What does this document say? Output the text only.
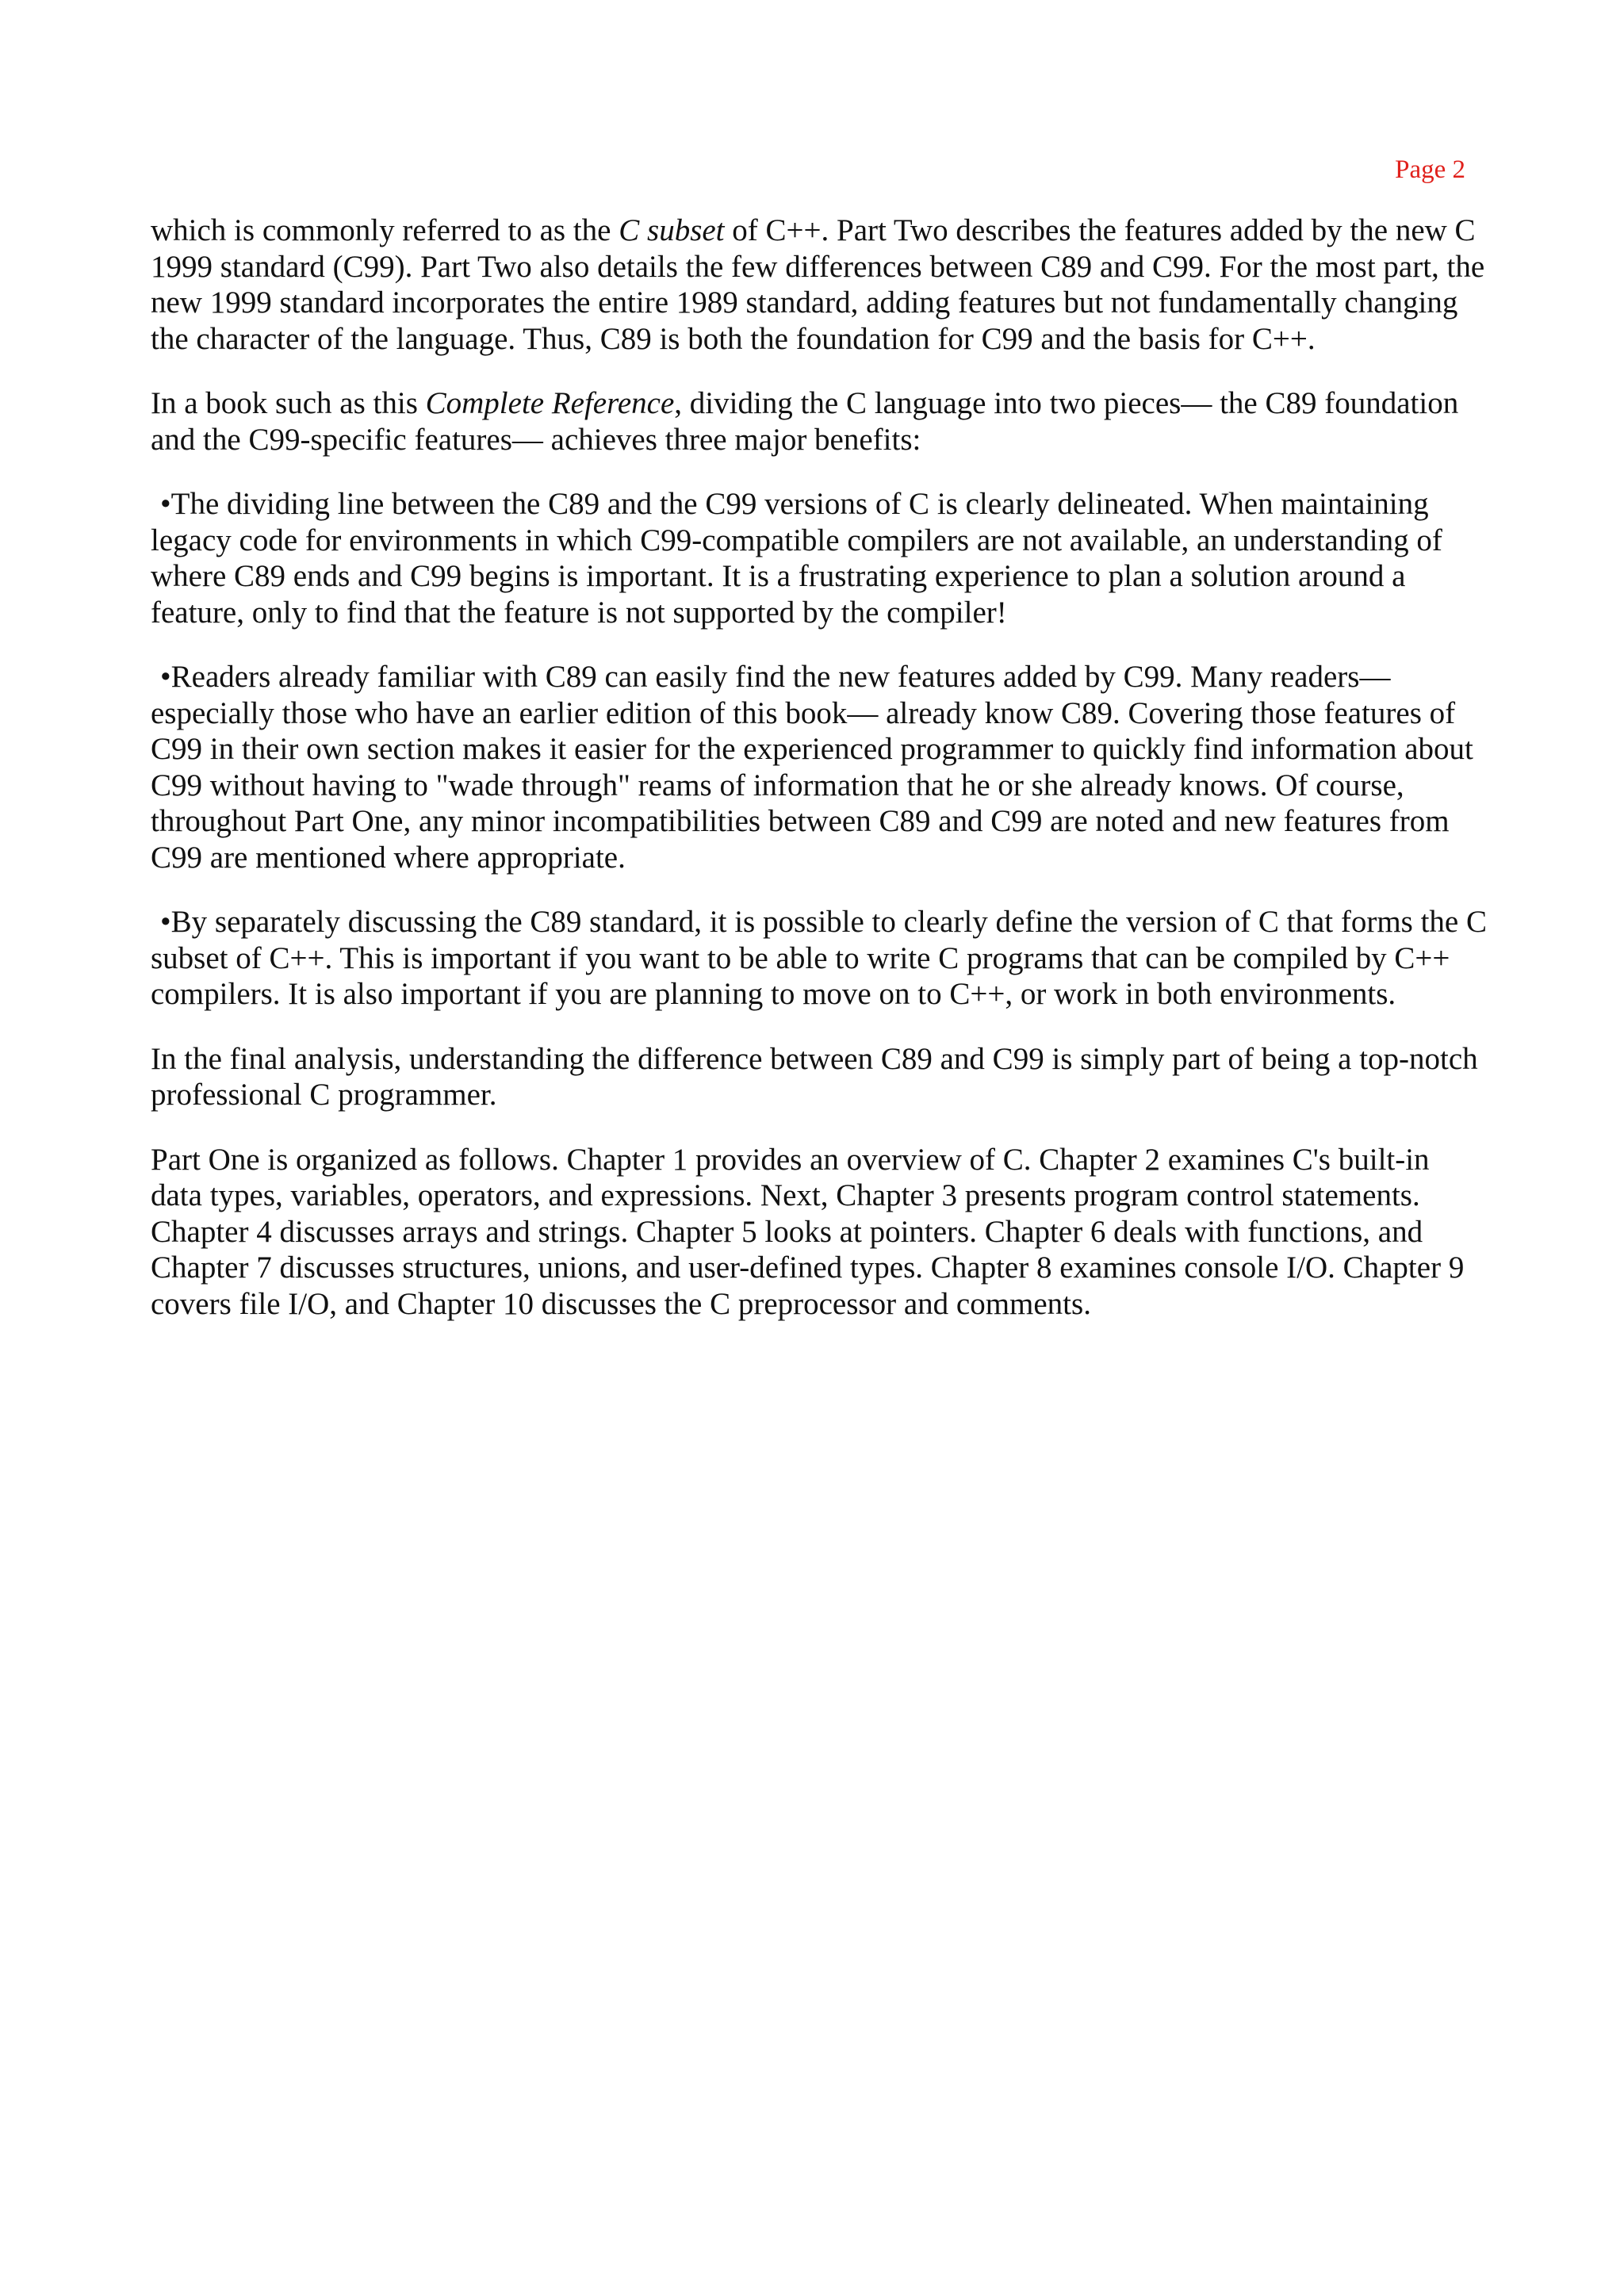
Page 2

which is commonly referred to as the C subset of C++. Part Two describes the features added by the new C 1999 standard (C99). Part Two also details the few differences between C89 and C99. For the most part, the new 1999 standard incorporates the entire 1989 standard, adding features but not fundamentally changing the character of the language. Thus, C89 is both the foundation for C99 and the basis for C++.

In a book such as this Complete Reference, dividing the C language into two pieces— the C89 foundation and the C99-specific features— achieves three major benefits:

•The dividing line between the C89 and the C99 versions of C is clearly delineated. When maintaining legacy code for environments in which C99-compatible compilers are not available, an understanding of where C89 ends and C99 begins is important. It is a frustrating experience to plan a solution around a feature, only to find that the feature is not supported by the compiler!

•Readers already familiar with C89 can easily find the new features added by C99. Many readers— especially those who have an earlier edition of this book— already know C89. Covering those features of C99 in their own section makes it easier for the experienced programmer to quickly find information about C99 without having to "wade through" reams of information that he or she already knows. Of course, throughout Part One, any minor incompatibilities between C89 and C99 are noted and new features from C99 are mentioned where appropriate.

•By separately discussing the C89 standard, it is possible to clearly define the version of C that forms the C subset of C++. This is important if you want to be able to write C programs that can be compiled by C++ compilers. It is also important if you are planning to move on to C++, or work in both environments.

In the final analysis, understanding the difference between C89 and C99 is simply part of being a top-notch professional C programmer.

Part One is organized as follows. Chapter 1 provides an overview of C. Chapter 2 examines C's built-in data types, variables, operators, and expressions. Next, Chapter 3 presents program control statements. Chapter 4 discusses arrays and strings. Chapter 5 looks at pointers. Chapter 6 deals with functions, and Chapter 7 discusses structures, unions, and user-defined types. Chapter 8 examines console I/O. Chapter 9 covers file I/O, and Chapter 10 discusses the C preprocessor and comments.
